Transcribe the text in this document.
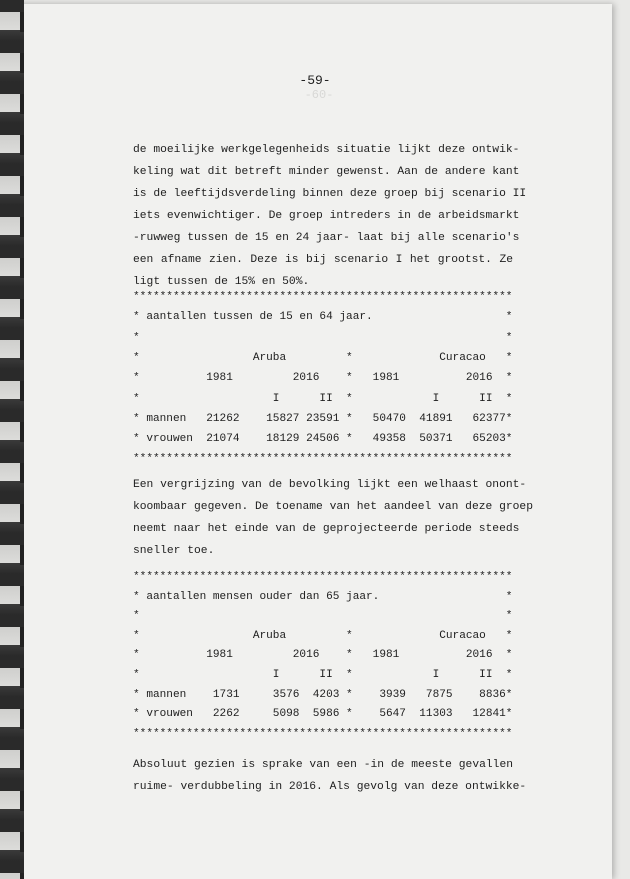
-59-
-60-
de moeilijke werkgelegenheids situatie lijkt deze ontwik-
keling wat dit betreft minder gewenst. Aan de andere kant
is de leeftijdsverdeling binnen deze groep bij scenario II
iets evenwichtiger. De groep intreders in de arbeidsmarkt
-ruwweg tussen de 15 en 24 jaar- laat bij alle scenario's
een afname zien. Deze is bij scenario I het grootst. Ze
ligt tussen de 15% en 50%.
*********************************************************
* aantallen tussen de 15 en 64 jaar.                    *
*                                                       *
*                 Aruba         *             Curacao   *
*          1981         2016    *   1981          2016  *
*                    I      II  *            I      II  *
* mannen   21262    15827 23591 *   50470  41891   62377*
* vrouwen  21074    18129 24506 *   49358  50371   65203*
*********************************************************
Een vergrijzing van de bevolking lijkt een welhaast onont-
koombaar gegeven. De toename van het aandeel van deze groep
neemt naar het einde van de geprojecteerde periode steeds
sneller toe.
*********************************************************
* aantallen mensen ouder dan 65 jaar.                   *
*                                                       *
*                 Aruba         *             Curacao   *
*          1981         2016    *   1981          2016  *
*                    I      II  *            I      II  *
* mannen    1731     3576  4203 *    3939   7875    8836*
* vrouwen   2262     5098  5986 *    5647  11303   12841*
*********************************************************
Absoluut gezien is sprake van een -in de meeste gevallen
ruime- verdubbeling in 2016. Als gevolg van deze ontwikke-
